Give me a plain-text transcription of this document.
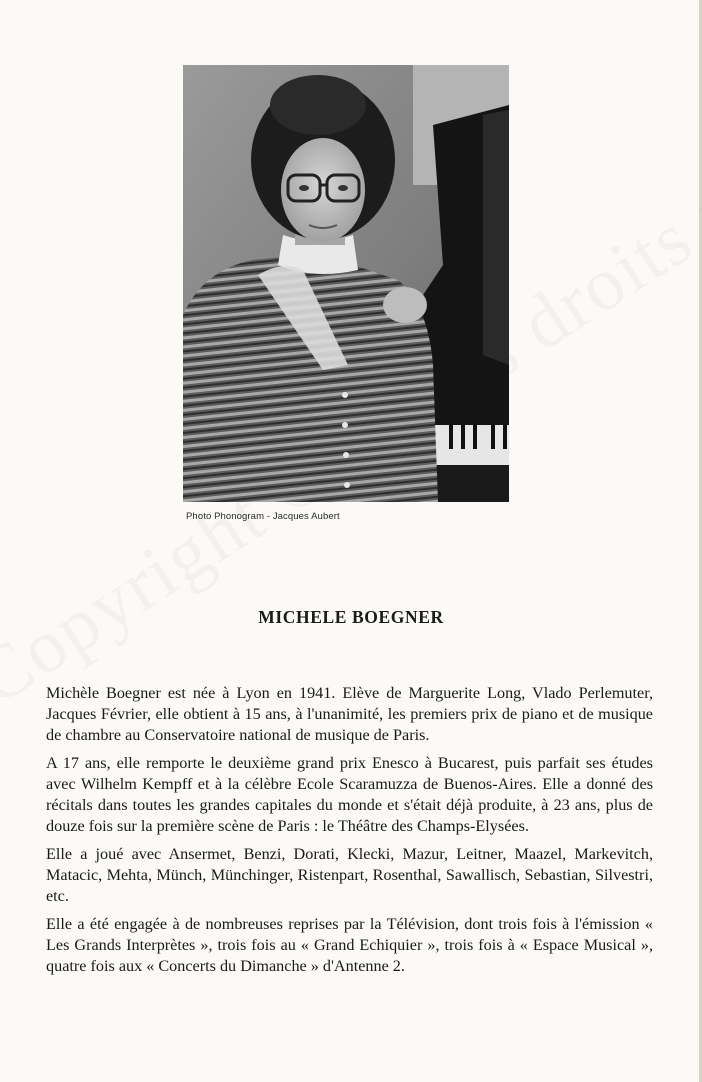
Photo Phonogram - Jacques Aubert
MICHELE BOEGNER

Michèle Boegner est née à Lyon en 1941. Elève de Marguerite Long, Vlado Perlemuter, Jacques Février, elle obtient à 15 ans, à l'unanimité, les premiers prix de piano et de musique de chambre au Conservatoire national de musique de Paris.

A 17 ans, elle remporte le deuxième grand prix Enesco à Bucarest, puis parfait ses études avec Wilhelm Kempff et à la célèbre Ecole Scaramuzza de Buenos-Aires. Elle a donné des récitals dans toutes les grandes capitales du monde et s'était déjà produite, à 23 ans, plus de douze fois sur la première scène de Paris : le Théâtre des Champs-Elysées.

Elle a joué avec Ansermet, Benzi, Dorati, Klecki, Mazur, Leitner, Maazel, Markevitch, Matacic, Mehta, Münch, Münchinger, Ristenpart, Rosenthal, Sawallisch, Sebastian, Silvestri, etc.

Elle a été engagée à de nombreuses reprises par la Télévision, dont trois fois à l'émission « Les Grands Interprètes », trois fois au « Grand Echiquier », trois fois à « Espace Musical », quatre fois aux « Concerts du Dimanche » d'Antenne 2.
